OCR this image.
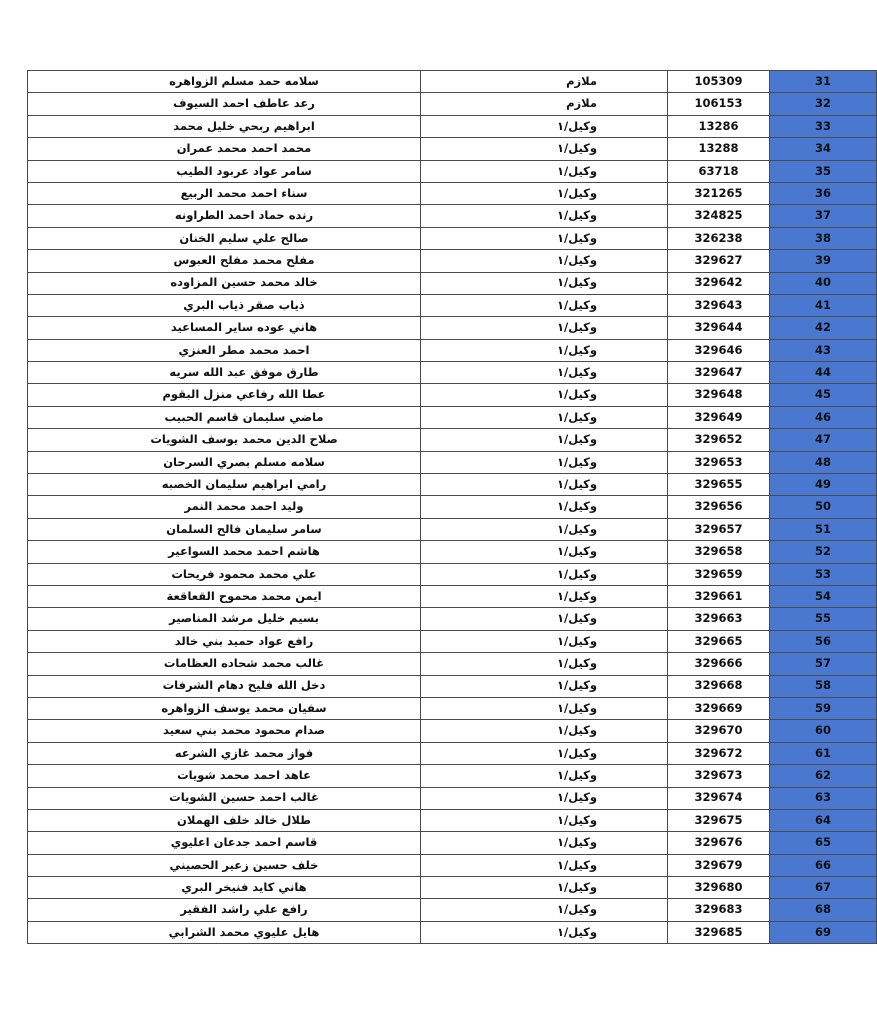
سلامه حمد مسلم الزواهره	ملازم	105309	31
رعد عاطف احمد السيوف	ملازم	106153	32
ابراهيم ربحي خليل محمد	وكيل/١	13286	33
محمد احمد محمد عمران	وكيل/١	13288	34
سامر عواد عربود الطيب	وكيل/١	63718	35
سناء احمد محمد الربيع	وكيل/١	321265	36
رنده حماد احمد الطراونه	وكيل/١	324825	37
صالح علي سليم الخنان	وكيل/١	326238	38
مفلح محمد مفلح العبوس	وكيل/١	329627	39
خالد محمد حسين المزاوده	وكيل/١	329642	40
ذياب صقر ذياب البري	وكيل/١	329643	41
هاني عوده ساير المساعيد	وكيل/١	329644	42
احمد محمد مطر العنزي	وكيل/١	329646	43
طارق موفق عبد الله سريه	وكيل/١	329647	44
عطا الله رفاعي منزل البقوم	وكيل/١	329648	45
ماضي سليمان قاسم الحبيب	وكيل/١	329649	46
صلاح الدين محمد يوسف الشويات	وكيل/١	329652	47
سلامه مسلم بصري السرحان	وكيل/١	329653	48
رامي ابراهيم سليمان الخصبه	وكيل/١	329655	49
وليد احمد محمد النمر	وكيل/١	329656	50
سامر سليمان فالح السلمان	وكيل/١	329657	51
هاشم احمد محمد السواعير	وكيل/١	329658	52
علي محمد محمود فريحات	وكيل/١	329659	53
ايمن محمد محموح القعاقعة	وكيل/١	329661	54
بسيم خليل مرشد المناصير	وكيل/١	329663	55
رافع عواد حميد بني خالد	وكيل/١	329665	56
غالب محمد شحاده العظامات	وكيل/١	329666	57
دخل الله فليح دهام الشرفات	وكيل/١	329668	58
سفيان محمد يوسف الزواهره	وكيل/١	329669	59
صدام محمود محمد بني سعيد	وكيل/١	329670	60
فواز محمد غازي الشرعه	وكيل/١	329672	61
عاهد احمد محمد شويات	وكيل/١	329673	62
غالب احمد حسين الشويات	وكيل/١	329674	63
طلال خالد خلف الهملان	وكيل/١	329675	64
قاسم احمد جدعان اعليوي	وكيل/١	329676	65
خلف حسين زعير الحصيني	وكيل/١	329679	66
هاني كايد فنيخر البري	وكيل/١	329680	67
رافع علي راشد الفقير	وكيل/١	329683	68
هايل عليوي محمد الشرابي	وكيل/١	329685	69
